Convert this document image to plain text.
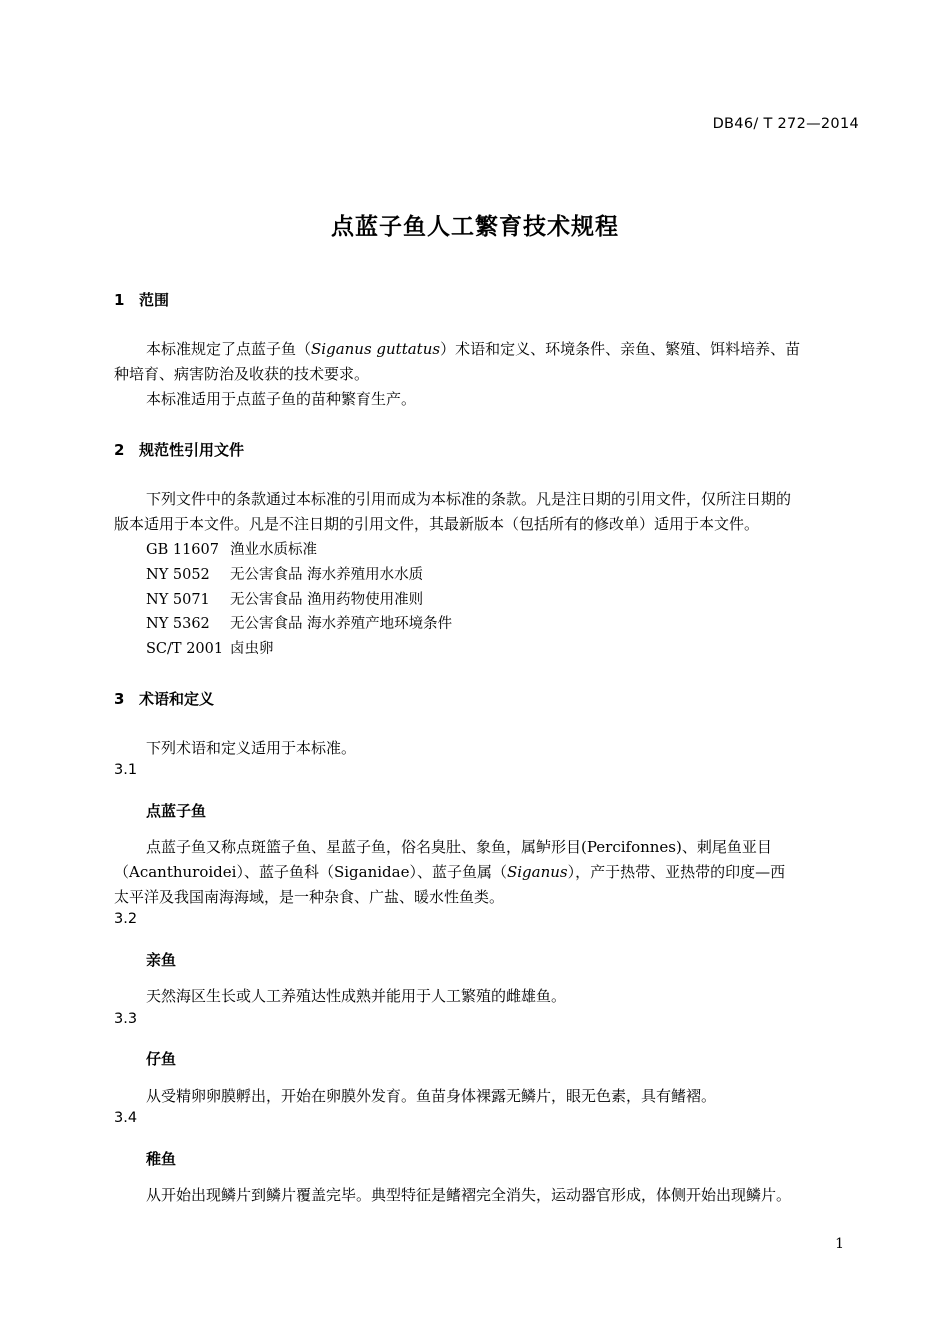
DB46/ T 272—2014
点蓝子鱼人工繁育技术规程
1 范围
本标准规定了点蓝子鱼（Siganus guttatus）术语和定义、环境条件、亲鱼、繁殖、饵料培养、苗
种培育、病害防治及收获的技术要求。
本标准适用于点蓝子鱼的苗种繁育生产。
2 规范性引用文件
下列文件中的条款通过本标准的引用而成为本标准的条款。凡是注日期的引用文件，仅所注日期的
版本适用于本文件。凡是不注日期的引用文件，其最新版本（包括所有的修改单）适用于本文件。
GB 11607 渔业水质标准
NY 5052 无公害食品 海水养殖用水水质
NY 5071 无公害食品 渔用药物使用准则
NY 5362 无公害食品 海水养殖产地环境条件
SC/T 2001 卤虫卵
3 术语和定义
下列术语和定义适用于本标准。
3.1
点蓝子鱼
点蓝子鱼又称点斑篮子鱼、星蓝子鱼，俗名臭肚、象鱼，属鲈形目(Percifonnes)、刺尾鱼亚目
（Acanthuroidei）、蓝子鱼科（Siganidae）、蓝子鱼属（Siganus），产于热带、亚热带的印度—西
太平洋及我国南海海域，是一种杂食、广盐、暖水性鱼类。
3.2
亲鱼
天然海区生长或人工养殖达性成熟并能用于人工繁殖的雌雄鱼。
3.3
仔鱼
从受精卵卵膜孵出，开始在卵膜外发育。鱼苗身体裸露无鳞片，眼无色素，具有鳍褶。
3.4
稚鱼
从开始出现鳞片到鳞片覆盖完毕。典型特征是鳍褶完全消失，运动器官形成，体侧开始出现鳞片。
1
